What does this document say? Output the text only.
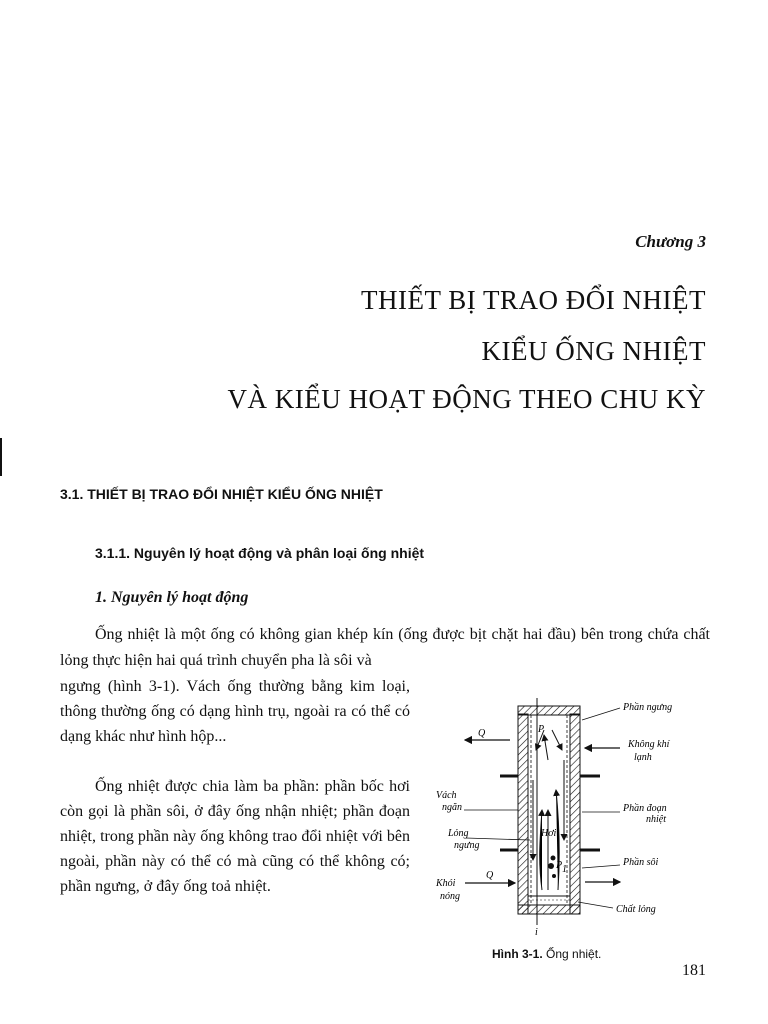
Chương 3
THIẾT BỊ TRAO ĐỔI NHIỆT
KIỂU ỐNG NHIỆT
VÀ KIỂU HOẠT ĐỘNG THEO CHU KỲ
3.1. THIẾT BỊ TRAO ĐỔI NHIỆT KIỂU ỐNG NHIỆT
3.1.1. Nguyên lý hoạt động và phân loại ống nhiệt
1. Nguyên lý hoạt động
Ống nhiệt là một ống có không gian khép kín (ống được bịt chặt hai đầu) bên trong chứa chất lỏng thực hiện hai quá trình chuyển pha là sôi và
ngưng (hình 3-1). Vách ống thường bằng kim loại, thông thường ống có dạng hình trụ, ngoài ra có thể có dạng khác như hình hộp...
Ống nhiệt được chia làm ba phần: phần bốc hơi còn gọi là phần sôi, ở đây ống nhận nhiệt; phần đoạn nhiệt, trong phần này ống không trao đổi nhiệt với bên ngoài, phần này có thể có mà cũng có thể không có; phần ngưng, ở đây ống toả nhiệt.
Phần ngưng
Không khí
lạnh
Phần đoạn
nhiệt
Phần sôi
Chất lỏng
Vách
ngăn
Lỏng
ngưng
Khói
nóng
Hơi
Q
Q
P
P 1
i
Hình 3-1. Ống nhiệt.
181
